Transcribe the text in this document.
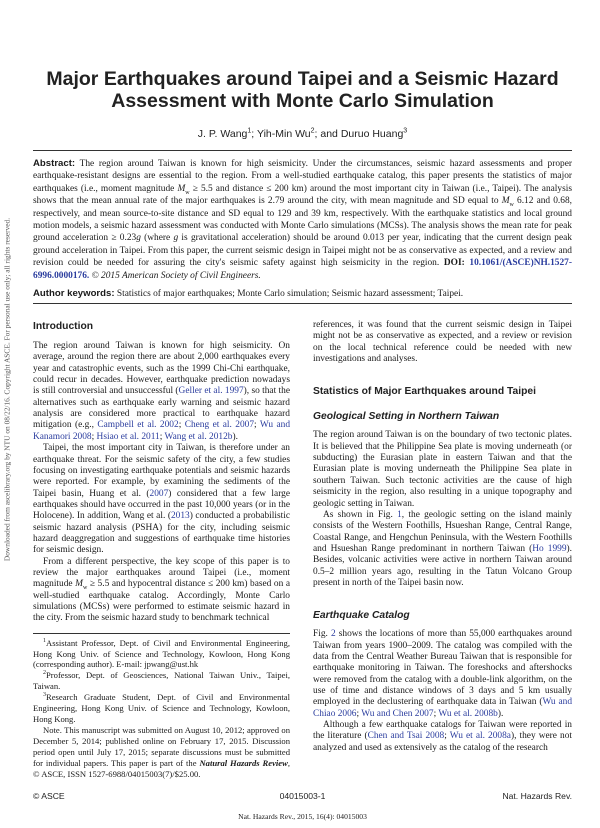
Downloaded from ascelibrary.org by NTU on 08/22/16. Copyright ASCE. For personal use only; all rights reserved.
Major Earthquakes around Taipei and a Seismic Hazard
Assessment with Monte Carlo Simulation
J. P. Wang$^1$; Yih-Min Wu$^2$; and Duruo Huang$^3$
Abstract: The region around Taiwan is known for high seismicity. Under the circumstances, seismic hazard assessments and proper earthquake-resistant designs are essential to the region. From a well-studied earthquake catalog, this paper presents the statistics of major earthquakes (i.e., moment magnitude $M_w \ge 5.5$ and distance ≤ 200 km) around the most important city in Taiwan (i.e., Taipei). The analysis shows that the mean annual rate of the major earthquakes is 2.79 around the city, with mean magnitude and SD equal to $M_w$ 6.12 and 0.68, respectively, and mean source-to-site distance and SD equal to 129 and 39 km, respectively. With the earthquake statistics and local ground motion models, a seismic hazard assessment was conducted with Monte Carlo simulations (MCSs). The analysis shows the mean rate for peak ground acceleration ≥ 0.23g (where g is gravitational acceleration) should be around 0.013 per year, indicating that the current design peak ground acceleration in Taipei. From this paper, the current seismic design in Taipei might not be as conservative as expected, and a review and revision could be needed for assuring the city's seismic safety against high seismicity in the region. DOI: 10.1061/(ASCE)NH.1527-6996.0000176. © 2015 American Society of Civil Engineers.
Author keywords: Statistics of major earthquakes; Monte Carlo simulation; Seismic hazard assessment; Taipei.
Introduction

The region around Taiwan is known for high seismicity. On average, around the region there are about 2,000 earthquakes every year and catastrophic events, such as the 1999 Chi-Chi earthquake, could recur in decades. However, earthquake prediction nowadays is still controversial and unsuccessful (Geller et al. 1997), so that the alternatives such as earthquake early warning and seismic hazard analysis are considered more practical to earthquake hazard mitigation (e.g., Campbell et al. 2002; Cheng et al. 2007; Wu and Kanamori 2008; Hsiao et al. 2011; Wang et al. 2012b).

Taipei, the most important city in Taiwan, is therefore under an earthquake threat. For the seismic safety of the city, a few studies focusing on investigating earthquake potentials and seismic hazards were reported. For example, by examining the sediments of the Taipei basin, Huang et al. (2007) considered that a few large earthquakes should have occurred in the past 10,000 years (or in the Holocene). In addition, Wang et al. (2013) conducted a probabilistic seismic hazard analysis (PSHA) for the city, including seismic hazard deaggregation and suggestions of earthquake time histories for seismic design.

From a different perspective, the key scope of this paper is to review the major earthquakes around Taipei (i.e., moment magnitude $M_w \ge 5.5$ and hypocentral distance ≤ 200 km) based on a well-studied earthquake catalog. Accordingly, Monte Carlo simulations (MCSs) were performed to estimate seismic hazard in the city. From the seismic hazard study to benchmark technical

$^1$Assistant Professor, Dept. of Civil and Environmental Engineering, Hong Kong Univ. of Science and Technology, Kowloon, Hong Kong (corresponding author). E-mail: jpwang@ust.hk

$^2$Professor, Dept. of Geosciences, National Taiwan Univ., Taipei, Taiwan.

$^3$Research Graduate Student, Dept. of Civil and Environmental Engineering, Hong Kong Univ. of Science and Technology, Kowloon, Hong Kong.

Note. This manuscript was submitted on August 10, 2012; approved on December 5, 2014; published online on February 17, 2015. Discussion period open until July 17, 2015; separate discussions must be submitted for individual papers. This paper is part of the Natural Hazards Review, © ASCE, ISSN 1527-6988/04015003(7)/$25.00.

references, it was found that the current seismic design in Taipei might not be as conservative as expected, and a review or revision on the local technical reference could be needed with new investigations and analyses.

Statistics of Major Earthquakes around Taipei
Geological Setting in Northern Taiwan

The region around Taiwan is on the boundary of two tectonic plates. It is believed that the Philippine Sea plate is moving underneath (or subducting) the Eurasian plate in eastern Taiwan and that the Eurasian plate is moving underneath the Philippine Sea plate in southern Taiwan. Such tectonic activities are the cause of high seismicity in the region, also resulting in a unique topography and geologic setting in Taiwan.

As shown in Fig. 1, the geologic setting on the island mainly consists of the Western Foothills, Hsueshan Range, Central Range, Coastal Range, and Hengchun Peninsula, with the Western Foothills and Hsueshan Range predominant in northern Taiwan (Ho 1999). Besides, volcanic activities were active in northern Taiwan around 0.5–2 million years ago, resulting in the Tatun Volcano Group present in north of the Taipei basin now.

Earthquake Catalog

Fig. 2 shows the locations of more than 55,000 earthquakes around Taiwan from years 1900–2009. The catalog was compiled with the data from the Central Weather Bureau Taiwan that is responsible for earthquake monitoring in Taiwan. The foreshocks and aftershocks were removed from the catalog with a double-link algorithm, on the use of time and distance windows of 3 days and 5 km usually employed in the declustering of earthquake data in Taiwan (Wu and Chiao 2006; Wu and Chen 2007; Wu et al. 2008b).

Although a few earthquake catalogs for Taiwan were reported in the literature (Chen and Tsai 2008; Wu et al. 2008a), they were not analyzed and used as extensively as the catalog of the research

© ASCE	04015003-1	Nat. Hazards Rev.
Nat. Hazards Rev., 2015, 16(4): 04015003
